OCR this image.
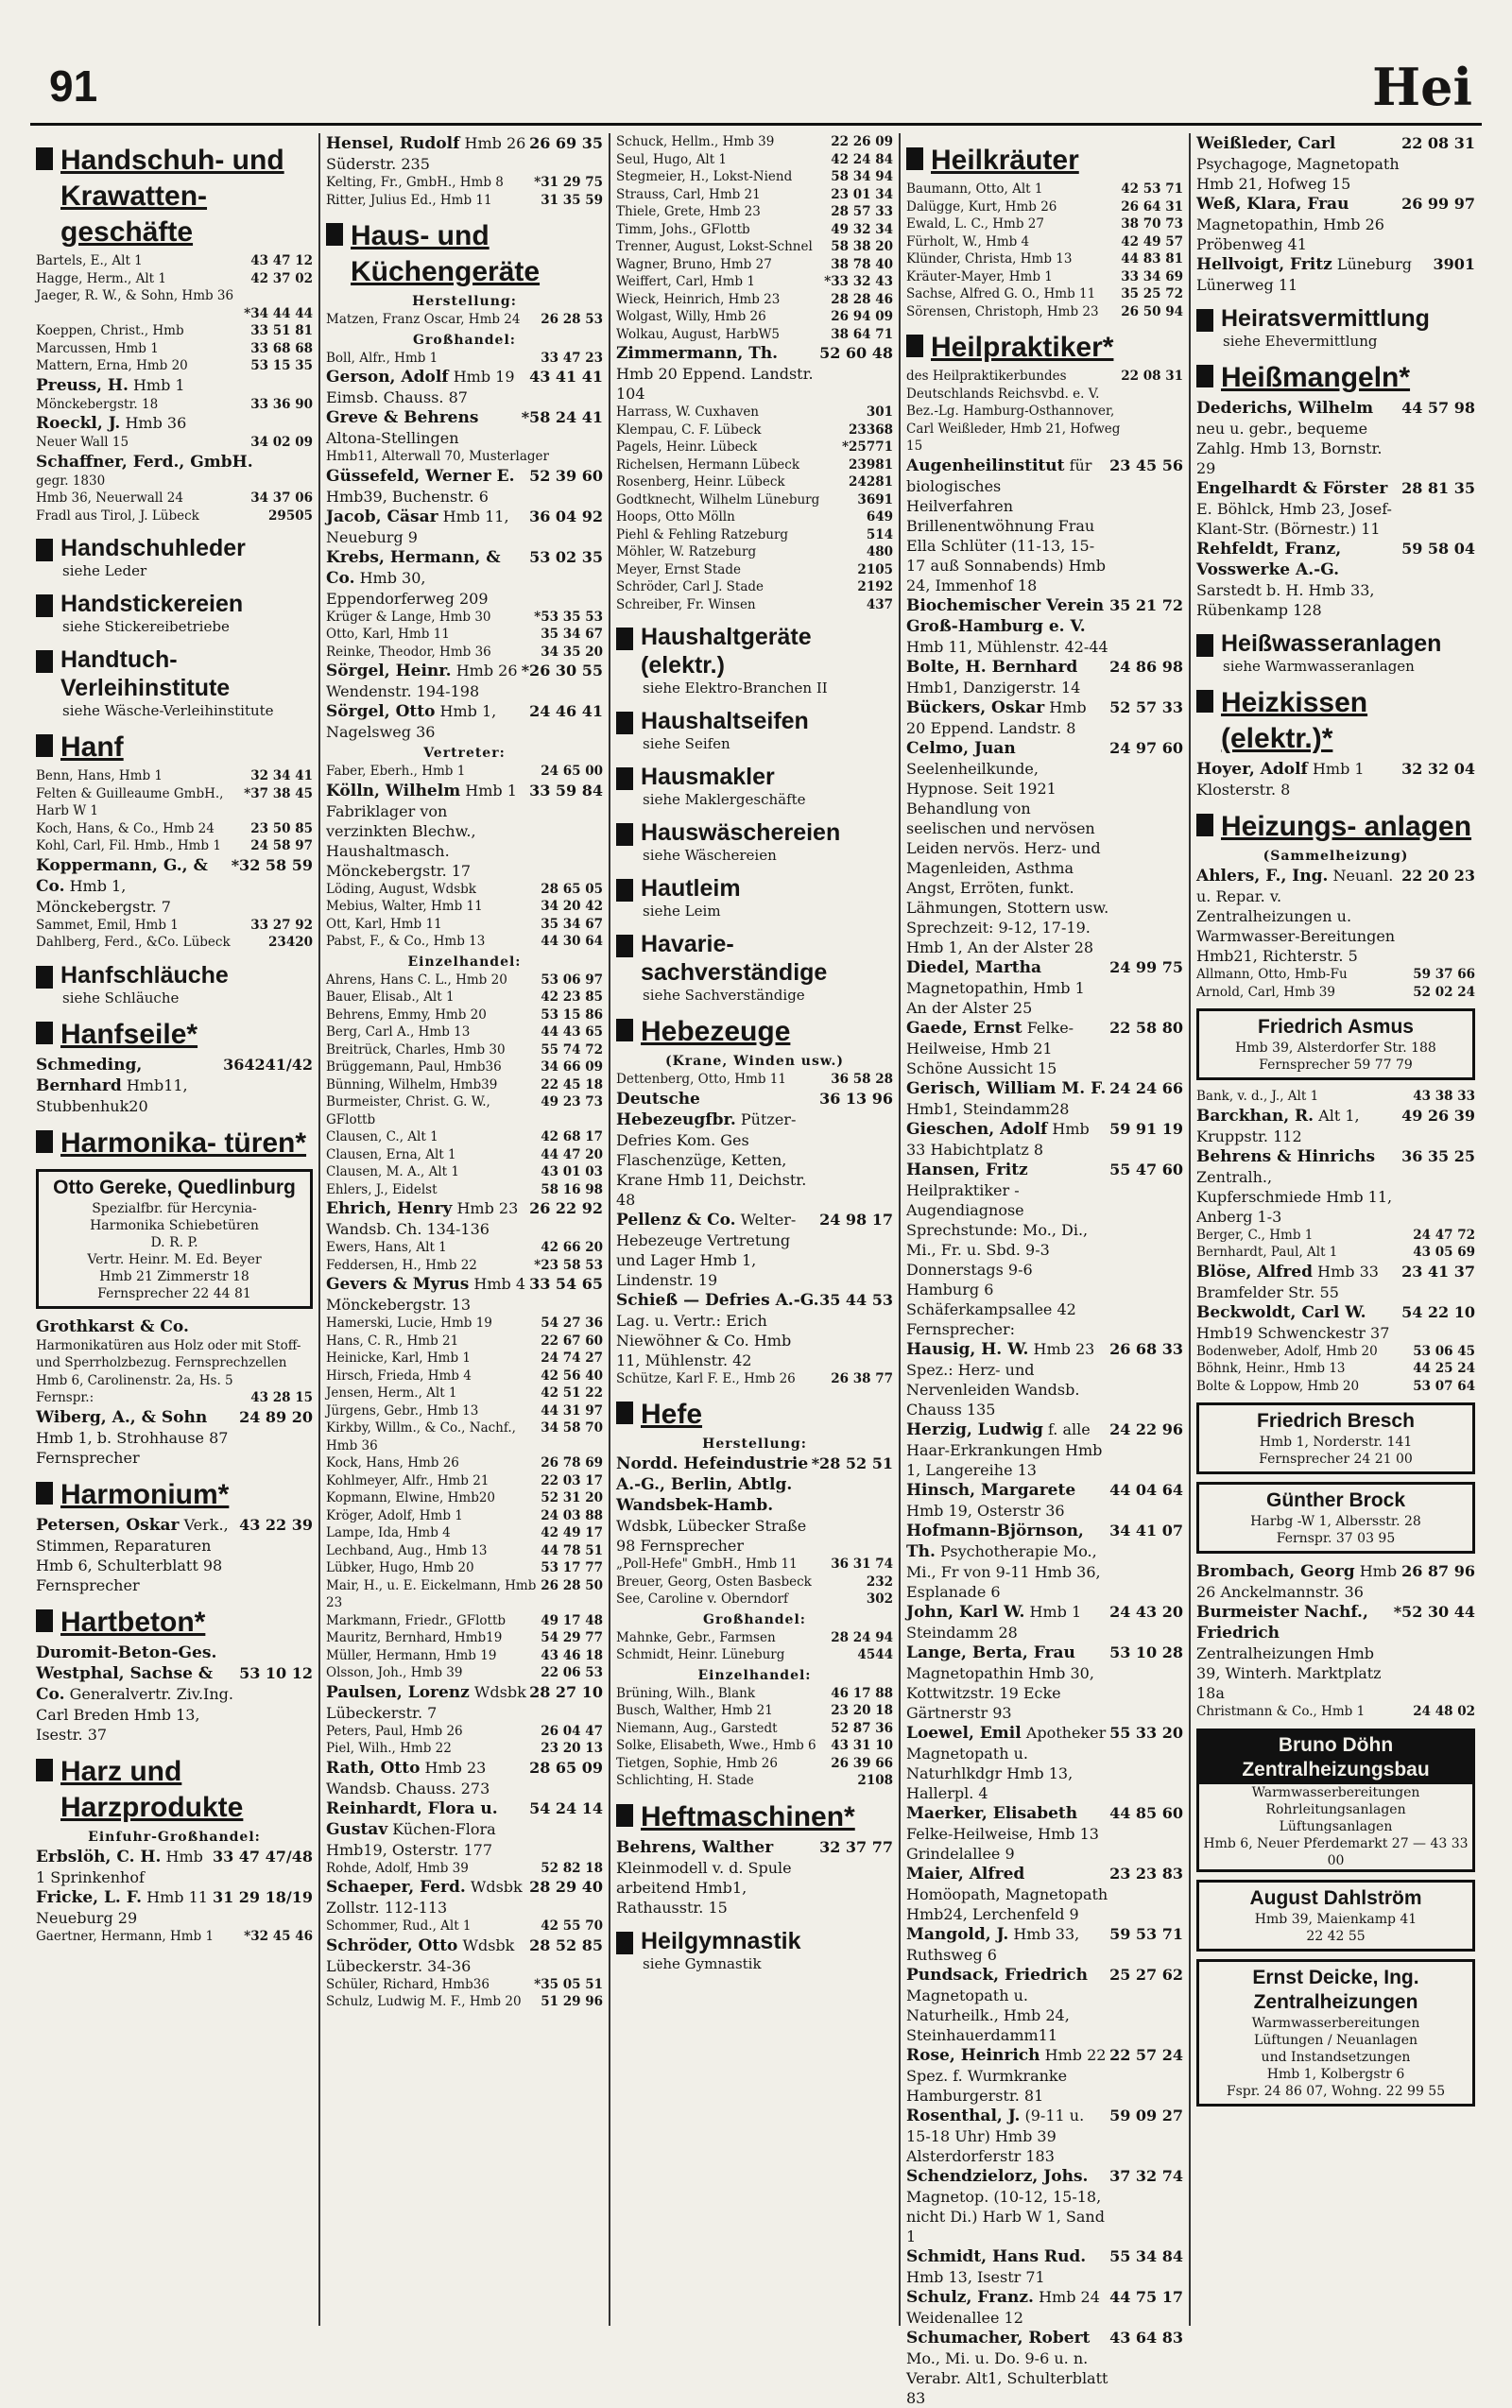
91	Hei
Handschuh- und Krawatten- geschäfte
Bartels, E., Alt 1	43 47 12
Hagge, Herm., Alt 1	42 37 02
Jaeger, R. W., & Sohn, Hmb 36
*34 44 44
Koeppen, Christ., Hmb	33 51 81
Marcussen, Hmb 1	33 68 68
Mattern, Erna, Hmb 20	53 15 35
Preuss, H. Hmb 1
Mönckebergstr. 18	33 36 90
Roeckl, J. Hmb 36
Neuer Wall 15	34 02 09
Schaffner, Ferd., GmbH.
gegr. 1830
Hmb 36, Neuerwall 24	34 37 06
Fradl aus Tirol, J. Lübeck	29505
Handschuhleder
siehe Leder
Handstickereien
siehe Stickereibetriebe
Handtuch- Verleihinstitute
siehe Wäsche-Verleihinstitute
Hanf
Benn, Hans, Hmb 1	32 34 41
Felten & Guilleaume GmbH., Harb W 1
*37 38 45
Koch, Hans, & Co., Hmb 24	23 50 85
Kohl, Carl, Fil. Hmb., Hmb 1 24 58 97
Koppermann, G., & Co. Hmb 1, Mönckebergstr. 7
*32 58 59
Sammet, Emil, Hmb 1	33 27 92
Dahlberg, Ferd., &Co. Lübeck	23420
Hanfschläuche
siehe Schläuche
Hanfseile*
Schmeding, Bernhard Hmb11, Stubbenhuk20
364241/42
Harmonika- türen*
Otto Gereke, Quedlinburg
Spezialfbr. für Hercynia-
Harmonika Schiebetüren
D. R. P.
Vertr. Heinr. M. Ed. Beyer
Hmb 21 Zimmerstr 18
Fernsprecher 22 44 81
Grothkarst & Co.
Harmonikatüren aus Holz oder mit Stoff- und Sperrholzbezug. Fernsprechzellen Hmb 6, Carolinenstr. 2a, Hs. 5
Fernspr.:	43 28 15
Wiberg, A., & Sohn Hmb 1, b. Strohhause 87 Fernsprecher
24 89 20
Harmonium*
Petersen, Oskar Verk., Stimmen, Reparaturen Hmb 6, Schulterblatt 98 Fernsprecher
43 22 39
Hartbeton*
Duromit-Beton-Ges.
Westphal, Sachse & Co. Generalvertr. Ziv.Ing. Carl Breden Hmb 13, Isestr. 37
53 10 12
Harz und Harzprodukte
Einfuhr-Großhandel:
Erbslöh, C. H. Hmb 1 Sprinkenhof
33 47 47/48
Fricke, L. F. Hmb 11 Neueburg 29
31 29 18/19
Gaertner, Hermann, Hmb 1 *32 45 46
Hensel, Rudolf Hmb 26 Süderstr. 235
26 69 35
Kelting, Fr., GmbH., Hmb 8 *31 29 75
Ritter, Julius Ed., Hmb 11	31 35 59
Haus- und Küchengeräte
Herstellung:
Matzen, Franz Oscar, Hmb 24 26 28 53
Großhandel:
Boll, Alfr., Hmb 1	33 47 23
Gerson, Adolf Hmb 19 Eimsb. Chauss. 87
43 41 41
Greve & Behrens Altona-Stellingen
*58 24 41
Hmb11, Alterwall 70, Musterlager
Güssefeld, Werner E. Hmb39, Buchenstr. 6
52 39 60
Jacob, Cäsar Hmb 11, Neueburg 9
36 04 92
Krebs, Hermann, & Co. Hmb 30, Eppendorferweg 209
53 02 35
Krüger & Lange, Hmb 30	*53 35 53
Otto, Karl, Hmb 11	35 34 67
Reinke, Theodor, Hmb 36	34 35 20
Sörgel, Heinr. Hmb 26 Wendenstr. 194-198
*26 30 55
Sörgel, Otto Hmb 1, Nagelsweg 36
24 46 41
Vertreter:
Faber, Eberh., Hmb 1	24 65 00
Kölln, Wilhelm Hmb 1 Fabriklager von verzinkten Blechw., Haushaltmasch. Mönckebergstr. 17
33 59 84
Löding, August, Wdsbk	28 65 05
Mebius, Walter, Hmb 11	34 20 42
Ott, Karl, Hmb 11	35 34 67
Pabst, F., & Co., Hmb 13	44 30 64
Einzelhandel:
Ahrens, Hans C. L., Hmb 20	53 06 97
Bauer, Elisab., Alt 1	42 23 85
Behrens, Emmy, Hmb 20	53 15 86
Berg, Carl A., Hmb 13	44 43 65
Breitrück, Charles, Hmb 30	55 74 72
Brüggemann, Paul, Hmb36	34 66 09
Bünning, Wilhelm, Hmb39	22 45 18
Burmeister, Christ. G. W., GFlottb
49 23 73
Clausen, C., Alt 1	42 68 17
Clausen, Erna, Alt 1	44 47 20
Clausen, M. A., Alt 1	43 01 03
Ehlers, J., Eidelst	58 16 98
Ehrich, Henry Hmb 23 Wandsb. Ch. 134-136
26 22 92
Ewers, Hans, Alt 1	42 66 20
Feddersen, H., Hmb 22	*23 58 53
Gevers & Myrus Hmb 4 Mönckebergstr. 13
33 54 65
Hamerski, Lucie, Hmb 19	54 27 36
Hans, C. R., Hmb 21	22 67 60
Heinicke, Karl, Hmb 1	24 74 27
Hirsch, Frieda, Hmb 4	42 56 40
Jensen, Herm., Alt 1	42 51 22
Jürgens, Gebr., Hmb 13	44 31 97
Kirkby, Willm., & Co., Nachf., Hmb 36
34 58 70
Kock, Hans, Hmb 26	26 78 69
Kohlmeyer, Alfr., Hmb 21	22 03 17
Kopmann, Elwine, Hmb20	52 31 20
Kröger, Adolf, Hmb 1	24 03 88
Lampe, Ida, Hmb 4	42 49 17
Lechband, Aug., Hmb 13	44 78 51
Lübker, Hugo, Hmb 20	53 17 77
Mair, H., u. E. Eickelmann, Hmb 23
26 28 50
Markmann, Friedr., GFlottb	49 17 48
Mauritz, Bernhard, Hmb19	54 29 77
Müller, Hermann, Hmb 19	43 46 18
Olsson, Joh., Hmb 39	22 06 53
Paulsen, Lorenz Wdsbk Lübeckerstr. 7
28 27 10
Peters, Paul, Hmb 26	26 04 47
Piel, Wilh., Hmb 22	23 20 13
Rath, Otto Hmb 23 Wandsb. Chauss. 273
28 65 09
Reinhardt, Flora u. Gustav Küchen-Flora Hmb19, Osterstr. 177
54 24 14
Rohde, Adolf, Hmb 39	52 82 18
Schaeper, Ferd. Wdsbk Zollstr. 112-113
28 29 40
Schommer, Rud., Alt 1	42 55 70
Schröder, Otto Wdsbk Lübeckerstr. 34-36
28 52 85
Schüler, Richard, Hmb36	*35 05 51
Schulz, Ludwig M. F., Hmb 20 51 29 96
Schuck, Hellm., Hmb 39	22 26 09
Seul, Hugo, Alt 1	42 24 84
Stegmeier, H., Lokst-Niend	58 34 94
Strauss, Carl, Hmb 21	23 01 34
Thiele, Grete, Hmb 23	28 57 33
Timm, Johs., GFlottb	49 32 34
Trenner, August, Lokst-Schnel 58 38 20
Wagner, Bruno, Hmb 27	38 78 40
Weiffert, Carl, Hmb 1	*33 32 43
Wieck, Heinrich, Hmb 23	28 28 46
Wolgast, Willy, Hmb 26	26 94 09
Wolkau, August, HarbW5	38 64 71
Zimmermann, Th. Hmb 20 Eppend. Landstr. 104
52 60 48
Harrass, W. Cuxhaven	301
Klempau, C. F. Lübeck	23368
Pagels, Heinr. Lübeck	*25771
Richelsen, Hermann Lübeck	23981
Rosenberg, Heinr. Lübeck	24281
Godtknecht, Wilhelm Lüneburg	3691
Hoops, Otto Mölln	649
Piehl & Fehling Ratzeburg	514
Möhler, W. Ratzeburg	480
Meyer, Ernst Stade	2105
Schröder, Carl J. Stade	2192
Schreiber, Fr. Winsen	437
Haushaltgeräte (elektr.)
siehe Elektro-Branchen II
Haushaltseifen
siehe Seifen
Hausmakler
siehe Maklergeschäfte
Hauswäschereien
siehe Wäschereien
Hautleim
siehe Leim
Havarie- sachverständige
siehe Sachverständige
Hebezeuge
(Krane, Winden usw.)
Dettenberg, Otto, Hmb 11	36 58 28
Deutsche Hebezeugfbr. Pützer-Defries Kom. Ges Flaschenzüge, Ketten, Krane Hmb 11, Deichstr. 48
36 13 96
Pellenz & Co. Welter-Hebezeuge Vertretung und Lager Hmb 1, Lindenstr. 19
24 98 17
Schieß — Defries A.-G. Lag. u. Vertr.: Erich Niewöhner & Co. Hmb 11, Mühlenstr. 42
35 44 53
Schütze, Karl F. E., Hmb 26	26 38 77
Hefe
Herstellung:
Nordd. Hefeindustrie A.-G., Berlin, Abtlg. Wandsbek-Hamb. Wdsbk, Lübecker Straße 98 Fernsprecher
*28 52 51
„Poll-Hefe" GmbH., Hmb 11	36 31 74
Breuer, Georg, Osten Basbeck	232
See, Caroline v. Oberndorf	302
Großhandel:
Mahnke, Gebr., Farmsen	28 24 94
Schmidt, Heinr. Lüneburg	4544
Einzelhandel:
Brüning, Wilh., Blank	46 17 88
Busch, Walther, Hmb 21	23 20 18
Niemann, Aug., Garstedt	52 87 36
Solke, Elisabeth, Wwe., Hmb 6 43 31 10
Tietgen, Sophie, Hmb 26	26 39 66
Schlichting, H. Stade	2108
Heftmaschinen*
Behrens, Walther Kleinmodell v. d. Spule arbeitend Hmb1, Rathausstr. 15
32 37 77
Heilgymnastik
siehe Gymnastik
Heilkräuter
Baumann, Otto, Alt 1	42 53 71
Dalügge, Kurt, Hmb 26	26 64 31
Ewald, L. C., Hmb 27	38 70 73
Fürholt, W., Hmb 4	42 49 57
Klünder, Christa, Hmb 13	44 83 81
Kräuter-Mayer, Hmb 1	33 34 69
Sachse, Alfred G. O., Hmb 11 35 25 72
Sörensen, Christoph, Hmb 23 26 50 94
Heilpraktiker*
des Heilpraktikerbundes Deutschlands Reichsvbd. e. V. Bez.-Lg. Hamburg-Osthannover, Carl Weißleder, Hmb 21, Hofweg 15
22 08 31
Augenheilinstitut für biologisches Heilverfahren Brillenentwöhnung Frau Ella Schlüter (11-13, 15-17 auß Sonnabends) Hmb 24, Immenhof 18
23 45 56
Biochemischer Verein Groß-Hamburg e. V. Hmb 11, Mühlenstr. 42-44
35 21 72
Bolte, H. Bernhard Hmb1, Danzigerstr. 14
24 86 98
Bückers, Oskar Hmb 20 Eppend. Landstr. 8
52 57 33
Celmo, Juan Seelenheilkunde, Hypnose. Seit 1921 Behandlung von seelischen und nervösen Leiden nervös. Herz- und Magenleiden, Asthma Angst, Erröten, funkt. Lähmungen, Stottern usw. Sprechzeit: 9-12, 17-19. Hmb 1, An der Alster 28
24 97 60
Diedel, Martha Magnetopathin, Hmb 1 An der Alster 25
24 99 75
Gaede, Ernst Felke-Heilweise, Hmb 21 Schöne Aussicht 15
22 58 80
Gerisch, William M. F. Hmb1, Steindamm28
24 24 66
Gieschen, Adolf Hmb 33 Habichtplatz 8
59 91 19
Hansen, Fritz Heilpraktiker - Augendiagnose Sprechstunde: Mo., Di., Mi., Fr. u. Sbd. 9-3 Donnerstags 9-6 Hamburg 6 Schäferkampsallee 42 Fernsprecher:
55 47 60
Hausig, H. W. Hmb 23 Spez.: Herz- und Nervenleiden Wandsb. Chauss 135
26 68 33
Herzig, Ludwig f. alle Haar-Erkrankungen Hmb 1, Langereihe 13
24 22 96
Hinsch, Margarete Hmb 19, Osterstr 36
44 04 64
Hofmann-Björnson, Th. Psychotherapie Mo., Mi., Fr von 9-11 Hmb 36, Esplanade 6
34 41 07
John, Karl W. Hmb 1 Steindamm 28
24 43 20
Lange, Berta, Frau Magnetopathin Hmb 30, Kottwitzstr. 19 Ecke Gärtnerstr 93
53 10 28
Loewel, Emil Apotheker Magnetopath u. Naturhlkdgr Hmb 13, Hallerpl. 4
55 33 20
Maerker, Elisabeth Felke-Heilweise, Hmb 13 Grindelallee 9
44 85 60
Maier, Alfred Homöopath, Magnetopath Hmb24, Lerchenfeld 9
23 23 83
Mangold, J. Hmb 33, Ruthsweg 6
59 53 71
Pundsack, Friedrich Magnetopath u. Naturheilk., Hmb 24, Steinhauerdamm11
25 27 62
Rose, Heinrich Hmb 22 Spez. f. Wurmkranke Hamburgerstr. 81
22 57 24
Rosenthal, J. (9-11 u. 15-18 Uhr) Hmb 39 Alsterdorferstr 183
59 09 27
Schendzielorz, Johs. Magnetop. (10-12, 15-18, nicht Di.) Harb W 1, Sand 1
37 32 74
Schmidt, Hans Rud. Hmb 13, Isestr 71
55 34 84
Schulz, Franz. Hmb 24 Weidenallee 12
44 75 17
Schumacher, Robert Mo., Mi. u. Do. 9-6 u. n. Verabr. Alt1, Schulterblatt 83
43 64 83
Weißleder, Carl Psychagoge, Magnetopath Hmb 21, Hofweg 15
22 08 31
Weß, Klara, Frau Magnetopathin, Hmb 26 Pröbenweg 41
26 99 97
Hellvoigt, Fritz Lüneburg Lünerweg 11
3901
Heiratsvermittlung
siehe Ehevermittlung
Heißmangeln*
Dederichs, Wilhelm neu u. gebr., bequeme Zahlg. Hmb 13, Bornstr. 29
44 57 98
Engelhardt & Förster E. Böhlck, Hmb 23, Josef-Klant-Str. (Börnestr.) 11
28 81 35
Rehfeldt, Franz, Vosswerke A.-G. Sarstedt b. H. Hmb 33, Rübenkamp 128
59 58 04
Heißwasseranlagen
siehe Warmwasseranlagen
Heizkissen (elektr.)*
Hoyer, Adolf Hmb 1 Klosterstr. 8
32 32 04
Heizungs- anlagen
(Sammelheizung)
Ahlers, F., Ing. Neuanl. u. Repar. v. Zentralheizungen u. Warmwasser-Bereitungen Hmb21, Richterstr. 5
22 20 23
Allmann, Otto, Hmb-Fu	59 37 66
Arnold, Carl, Hmb 39	52 02 24
Friedrich Asmus
Hmb 39, Alsterdorfer Str. 188
Fernsprecher 59 77 79
Bank, v. d., J., Alt 1	43 38 33
Barckhan, R. Alt 1, Kruppstr. 112
49 26 39
Behrens & Hinrichs Zentralh., Kupferschmiede Hmb 11, Anberg 1-3
36 35 25
Berger, C., Hmb 1	24 47 72
Bernhardt, Paul, Alt 1	43 05 69
Blöse, Alfred Hmb 33 Bramfelder Str. 55
23 41 37
Beckwoldt, Carl W. Hmb19 Schwenckestr 37
54 22 10
Bodenweber, Adolf, Hmb 20	53 06 45
Böhnk, Heinr., Hmb 13	44 25 24
Bolte & Loppow, Hmb 20	53 07 64
Friedrich Bresch
Hmb 1, Norderstr. 141
Fernsprecher 24 21 00
Günther Brock
Harbg -W 1, Albersstr. 28
Fernspr. 37 03 95
Brombach, Georg Hmb 26 Anckelmannstr. 36
26 87 96
Burmeister Nachf., Friedrich Zentralheizungen Hmb 39, Winterh. Marktplatz 18a
*52 30 44
Christmann & Co., Hmb 1	24 48 02
Bruno Döhn Zentralheizungsbau
Warmwasserbereitungen
Rohrleitungsanlagen
Lüftungsanlagen
Hmb 6, Neuer Pferdemarkt 27 — 43 33 00
August Dahlström
Hmb 39, Maienkamp 41
22 42 55
Ernst Deicke, Ing. Zentralheizungen
Warmwasserbereitungen
Lüftungen / Neuanlagen
und Instandsetzungen
Hmb 1, Kolbergstr 6
Fspr. 24 86 07, Wohng. 22 99 55
